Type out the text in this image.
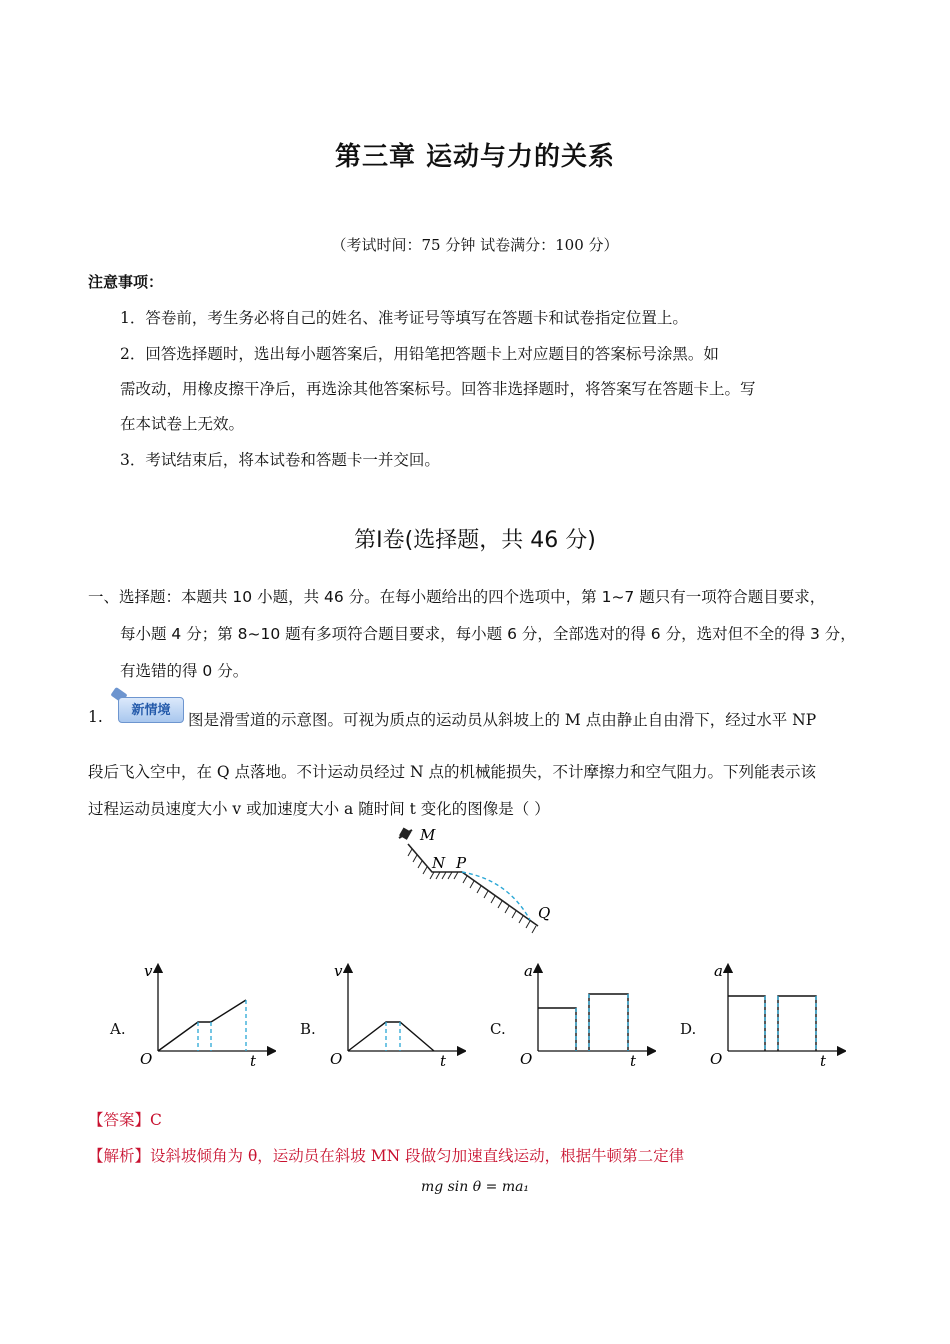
第三章 运动与力的关系
（考试时间：75 分钟 试卷满分：100 分）
注意事项：
1．答卷前，考生务必将自己的姓名、准考证号等填写在答题卡和试卷指定位置上。
2．回答选择题时，选出每小题答案后，用铅笔把答题卡上对应题目的答案标号涂黑。如
需改动，用橡皮擦干净后，再选涂其他答案标号。回答非选择题时，将答案写在答题卡上。写
在本试卷上无效。
3．考试结束后，将本试卷和答题卡一并交回。
第Ⅰ卷(选择题，共 46 分)
一、选择题：本题共 10 小题，共 46 分。在每小题给出的四个选项中，第 1~7 题只有一项符合题目要求，
每小题 4 分；第 8~10 题有多项符合题目要求，每小题 6 分，全部选对的得 6 分，选对但不全的得 3 分，
有选错的得 0 分。
1.	新情境
图是滑雪道的示意图。可视为质点的运动员从斜坡上的 M 点由静止自由滑下，经过水平 NP
段后飞入空中，在 Q 点落地。不计运动员经过 N 点的机械能损失，不计摩擦力和空气阻力。下列能表示该
过程运动员速度大小 v 或加速度大小 a 随时间 t 变化的图像是（ ）
M
N P
Q
A.
v
O	t
B.
v
O	t
C.
a
O	t
D.
a
O	t
【答案】C
【解析】设斜坡倾角为 θ，运动员在斜坡 MN 段做匀加速直线运动，根据牛顿第二定律
mg sin θ = ma₁
